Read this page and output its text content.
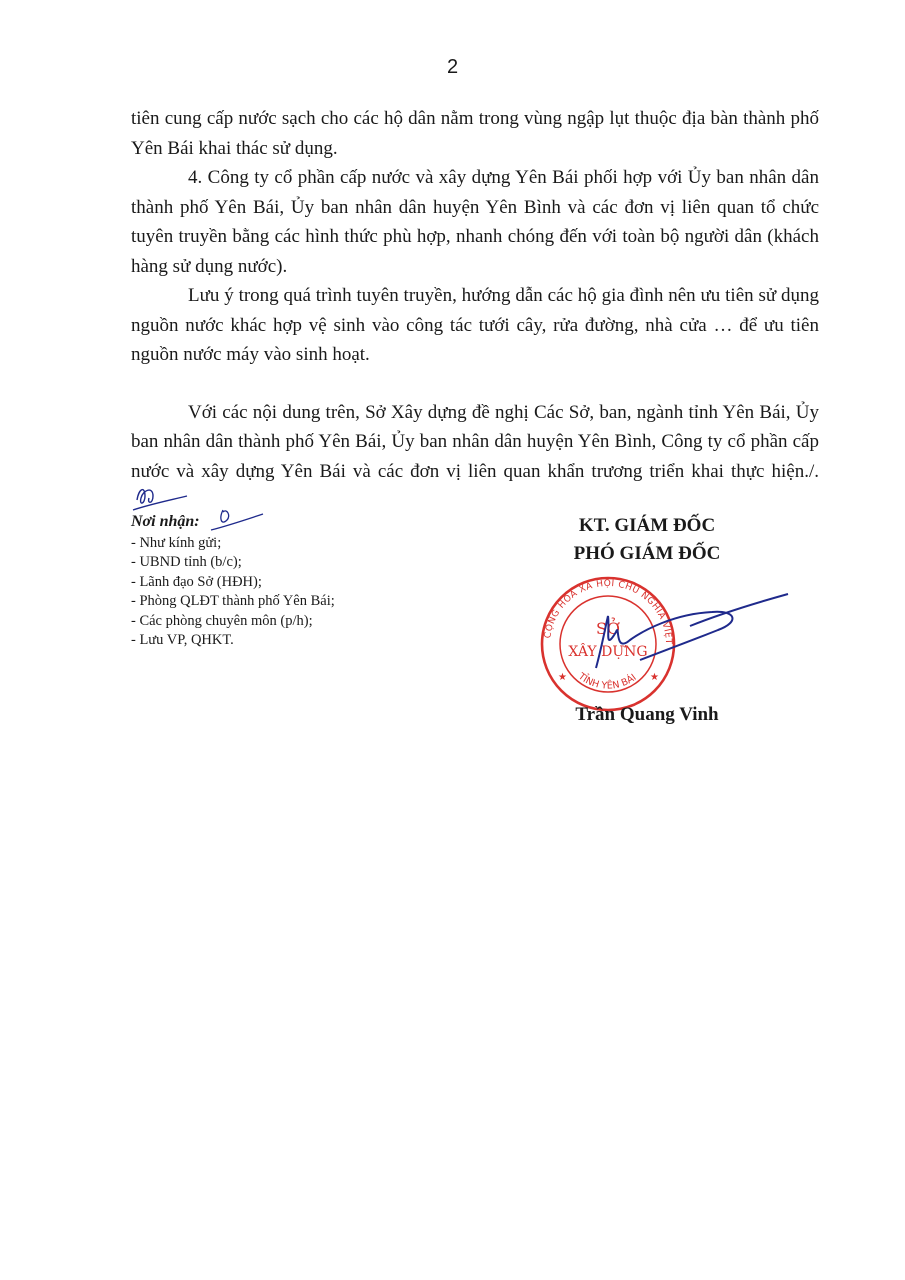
2

tiên cung cấp nước sạch cho các hộ dân nằm trong vùng ngập lụt thuộc địa bàn thành phố Yên Bái khai thác sử dụng.

4. Công ty cổ phần cấp nước và xây dựng Yên Bái phối hợp với Ủy ban nhân dân thành phố Yên Bái, Ủy ban nhân dân huyện Yên Bình và các đơn vị liên quan tổ chức tuyên truyền bằng các hình thức phù hợp, nhanh chóng đến với toàn bộ người dân (khách hàng sử dụng nước).

Lưu ý trong quá trình tuyên truyền, hướng dẫn các hộ gia đình nên ưu tiên sử dụng nguồn nước khác hợp vệ sinh vào công tác tưới cây, rửa đường, nhà cửa … để ưu tiên nguồn nước máy vào sinh hoạt.

Với các nội dung trên, Sở Xây dựng đề nghị Các Sở, ban, ngành tỉnh Yên Bái, Ủy ban nhân dân thành phố Yên Bái, Ủy ban nhân dân huyện Yên Bình, Công ty cổ phần cấp nước và xây dựng Yên Bái và các đơn vị liên quan khẩn trương triển khai thực hiện./.

Nơi nhận:
- Như kính gửi;
- UBND tỉnh (b/c);
- Lãnh đạo Sở (HĐH);
- Phòng QLĐT thành phố Yên Bái;
- Các phòng chuyên môn (p/h);
- Lưu VP, QHKT.
KT. GIÁM ĐỐC
PHÓ GIÁM ĐỐC
CỘNG HÒA XÃ HỘI CHỦ NGHĨA VIỆT
TỈNH YÊN BÁI
★	★
SỞ
XÂY DỰNG
Trần Quang Vinh
